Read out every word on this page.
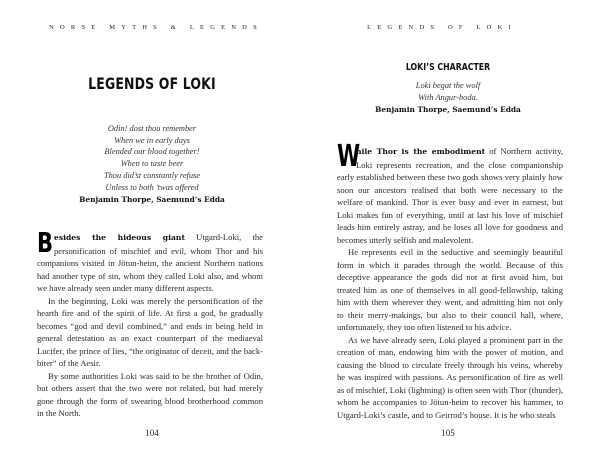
NORSE MYTHS & LEGENDS
LEGENDS OF LOKI
Odin! dost thou remember
When we in early days
Blended our blood together!
When to taste beer
Thou did’st constantly refuse
Unless to both ’twas offered
Benjamin Thorpe, Saemund’s Edda

Besides the hideous giant Utgard-Loki, the personification of mischief and evil, whom Thor and his companions visited in Jötun-heim, the ancient Northern nations had another type of sin, whom they called Loki also, and whom we have already seen under many different aspects.

In the beginning, Loki was merely the personification of the hearth fire and of the spirit of life. At first a god, he gradually becomes “god and devil combined,” and ends in being held in general detestation as an exact counterpart of the mediaeval Lucifer, the prince of lies, “the originator of deceit, and the back-biter” of the Aesir.

By some authorities Loki was said to be the brother of Odin, but others assert that the two were not related, but had merely gone through the form of swearing blood brotherhood common in the North.

104
LEGENDS OF LOKI
LOKI’S CHARACTER
Loki begat the wolf
With Angur-boda.
Benjamin Thorpe, Saemund’s Edda

W
hile Thor is the embodiment of Northern activity, Loki represents recreation, and the close companionship early established between these two gods shows very plainly how soon our ancestors realised that both were necessary to the welfare of mankind. Thor is ever busy and ever in earnest, but Loki makes fun of everything, until at last his love of mischief leads him entirely astray, and he loses all love for goodness and becomes utterly selfish and malevolent.

He represents evil in the seductive and seemingly beautiful form in which it parades through the world. Because of this deceptive appearance the gods did not at first avoid him, but treated him as one of themselves in all good-fellowship, taking him with them wherever they went, and admitting him not only to their merry-makings, but also to their council hall, where, unfortunately, they too often listened to his advice.

As we have already seen, Loki played a prominent part in the creation of man, endowing him with the power of motion, and causing the blood to circulate freely through his veins, whereby he was inspired with passions. As personification of fire as well as of mischief, Loki (lightning) is often seen with Thor (thunder), whom he accompanies to Jötun-heim to recover his hammer, to Utgard-Loki’s castle, and to Geirrod’s house. It is he who steals

105
